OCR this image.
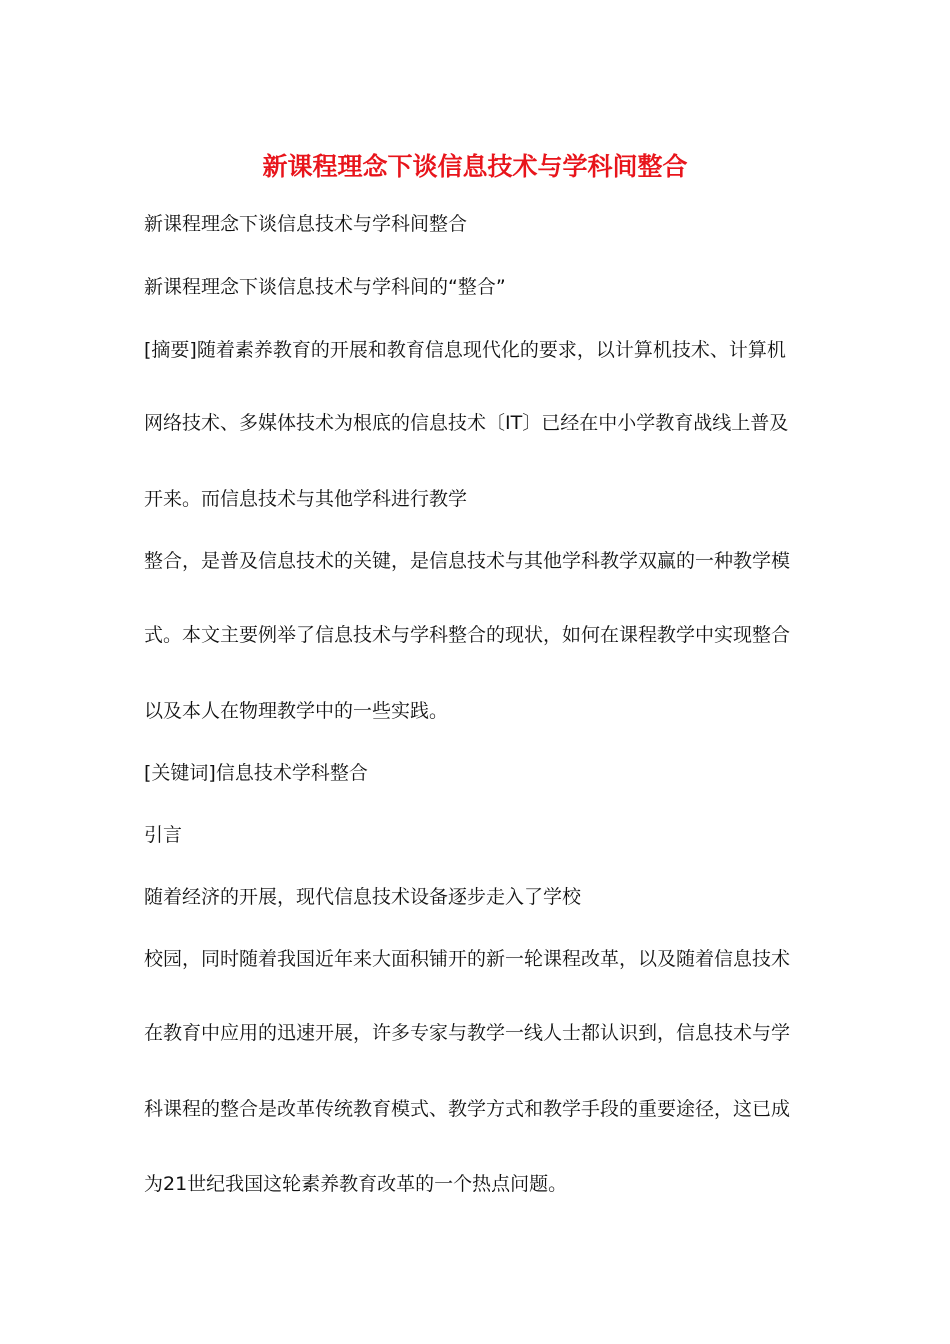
新课程理念下谈信息技术与学科间整合

新课程理念下谈信息技术与学科间整合

新课程理念下谈信息技术与学科间的“整合”

[摘要]随着素养教育的开展和教育信息现代化的要求，以计算机技术、计算机

网络技术、多媒体技术为根底的信息技术〔IT〕已经在中小学教育战线上普及

开来。而信息技术与其他学科进行教学

整合，是普及信息技术的关键，是信息技术与其他学科教学双赢的一种教学模

式。本文主要例举了信息技术与学科整合的现状，如何在课程教学中实现整合

以及本人在物理教学中的一些实践。

[关键词]信息技术学科整合

引言

随着经济的开展，现代信息技术设备逐步走入了学校

校园，同时随着我国近年来大面积铺开的新一轮课程改革，以及随着信息技术

在教育中应用的迅速开展，许多专家与教学一线人士都认识到，信息技术与学

科课程的整合是改革传统教育模式、教学方式和教学手段的重要途径，这已成

为21世纪我国这轮素养教育改革的一个热点问题。
